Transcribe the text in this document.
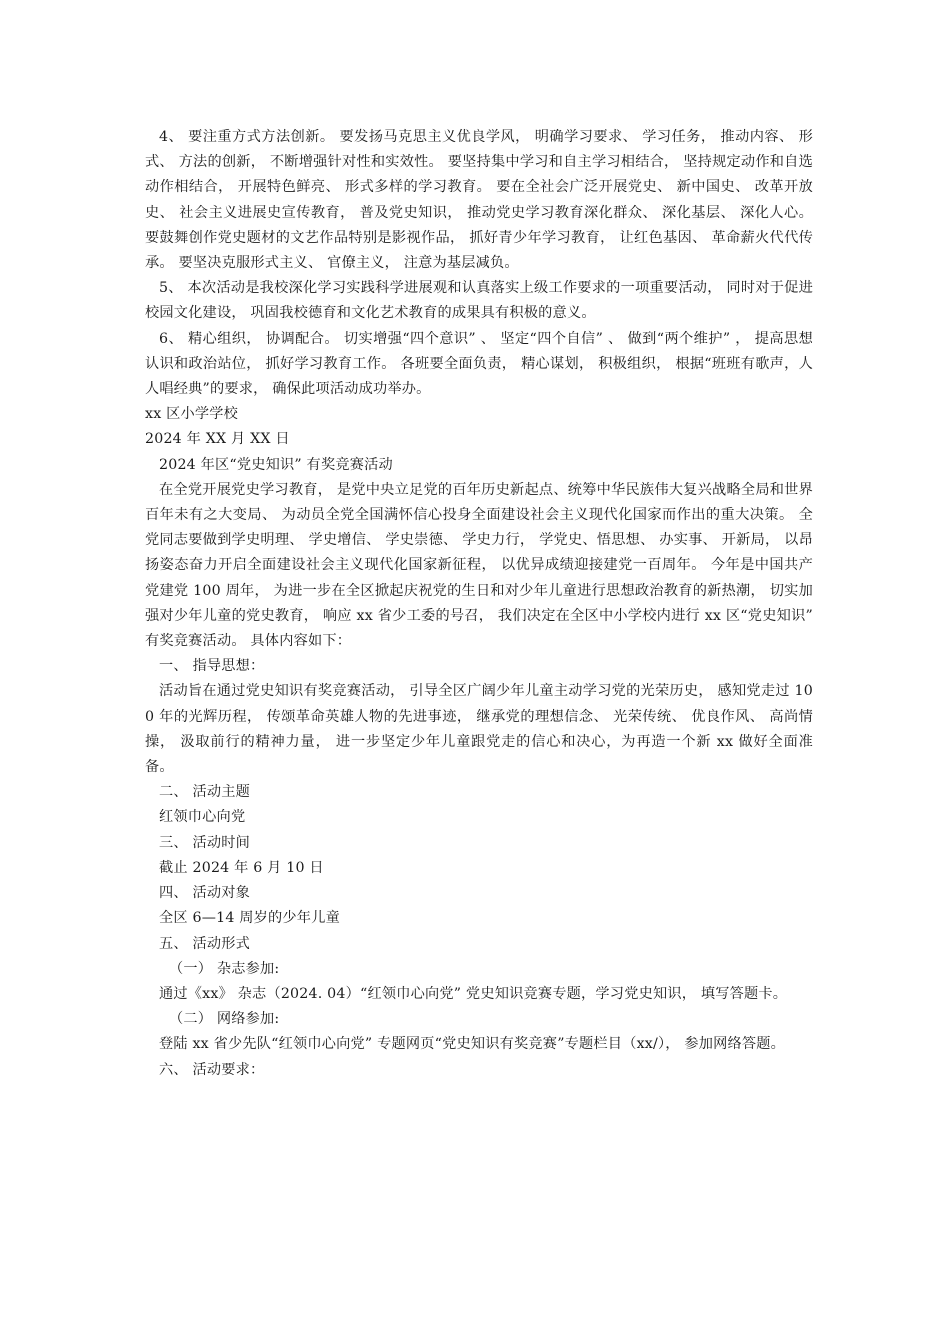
4、 要注重方式方法创新。 要发扬马克思主义优良学风， 明确学习要求、 学习任务， 推动内容、 形式、 方法的创新， 不断增强针对性和实效性。 要坚持集中学习和自主学习相结合， 坚持规定动作和自选动作相结合， 开展特色鲜亮、 形式多样的学习教育。 要在全社会广泛开展党史、 新中国史、 改革开放史、 社会主义进展史宣传教育， 普及党史知识， 推动党史学习教育深化群众、 深化基层、 深化人心。 要鼓舞创作党史题材的文艺作品特别是影视作品， 抓好青少年学习教育， 让红色基因、 革命薪火代代传承。 要坚决克服形式主义、 官僚主义， 注意为基层减负。

5、 本次活动是我校深化学习实践科学进展观和认真落实上级工作要求的一项重要活动， 同时对于促进校园文化建设， 巩固我校德育和文化艺术教育的成果具有积极的意义。

6、 精心组织， 协调配合。 切实增强“四个意识” 、 坚定“四个自信” 、 做到“两个维护” ， 提高思想认识和政治站位， 抓好学习教育工作。 各班要全面负责， 精心谋划， 积极组织， 根据“班班有歌声，人人唱经典”的要求， 确保此项活动成功举办。

xx 区小学学校

2024 年 XX 月 XX 日

2024 年区“党史知识” 有奖竞赛活动

在全党开展党史学习教育， 是党中央立足党的百年历史新起点、统筹中华民族伟大复兴战略全局和世界百年未有之大变局、 为动员全党全国满怀信心投身全面建设社会主义现代化国家而作出的重大决策。 全党同志要做到学史明理、 学史增信、 学史崇德、 学史力行， 学党史、悟思想、 办实事、 开新局， 以昂扬姿态奋力开启全面建设社会主义现代化国家新征程， 以优异成绩迎接建党一百周年。 今年是中国共产党建党 100 周年， 为进一步在全区掀起庆祝党的生日和对少年儿童进行思想政治教育的新热潮， 切实加强对少年儿童的党史教育， 响应 xx 省少工委的号召， 我们决定在全区中小学校内进行 xx 区“党史知识” 有奖竞赛活动。 具体内容如下：

一、 指导思想：

活动旨在通过党史知识有奖竞赛活动， 引导全区广阔少年儿童主动学习党的光荣历史， 感知党走过 100 年的光辉历程， 传颂革命英雄人物的先进事迹， 继承党的理想信念、 光荣传统、 优良作风、 高尚情操， 汲取前行的精神力量， 进一步坚定少年儿童跟党走的信心和决心，为再造一个新 xx 做好全面准备。

二、 活动主题

红领巾心向党

三、 活动时间

截止 2024 年 6 月 10 日

四、 活动对象

全区 6—14 周岁的少年儿童

五、 活动形式

（一） 杂志参加:

通过《xx》 杂志（2024. 04）“红领巾心向党” 党史知识竞赛专题，学习党史知识， 填写答题卡。

（二） 网络参加:

登陆 xx 省少先队“红领巾心向党” 专题网页“党史知识有奖竞赛”专题栏目（xx/）， 参加网络答题。

六、 活动要求：
